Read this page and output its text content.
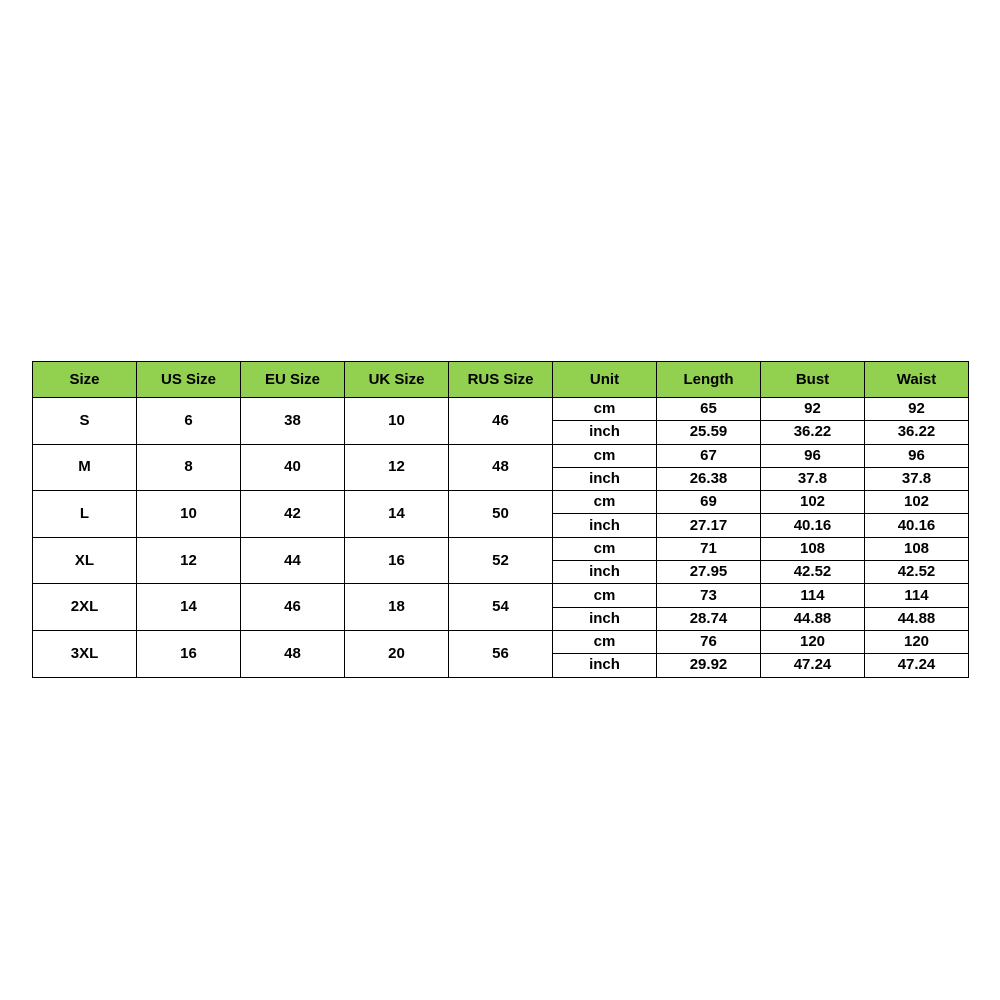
Size	US Size	EU Size	UK Size	RUS Size	Unit	Length	Bust	Waist
S	6	38	10	46	cm	65	92	92
					inch	25.59	36.22	36.22
M	8	40	12	48	cm	67	96	96
					inch	26.38	37.8	37.8
L	10	42	14	50	cm	69	102	102
					inch	27.17	40.16	40.16
XL	12	44	16	52	cm	71	108	108
					inch	27.95	42.52	42.52
2XL	14	46	18	54	cm	73	114	114
					inch	28.74	44.88	44.88
3XL	16	48	20	56	cm	76	120	120
					inch	29.92	47.24	47.24
